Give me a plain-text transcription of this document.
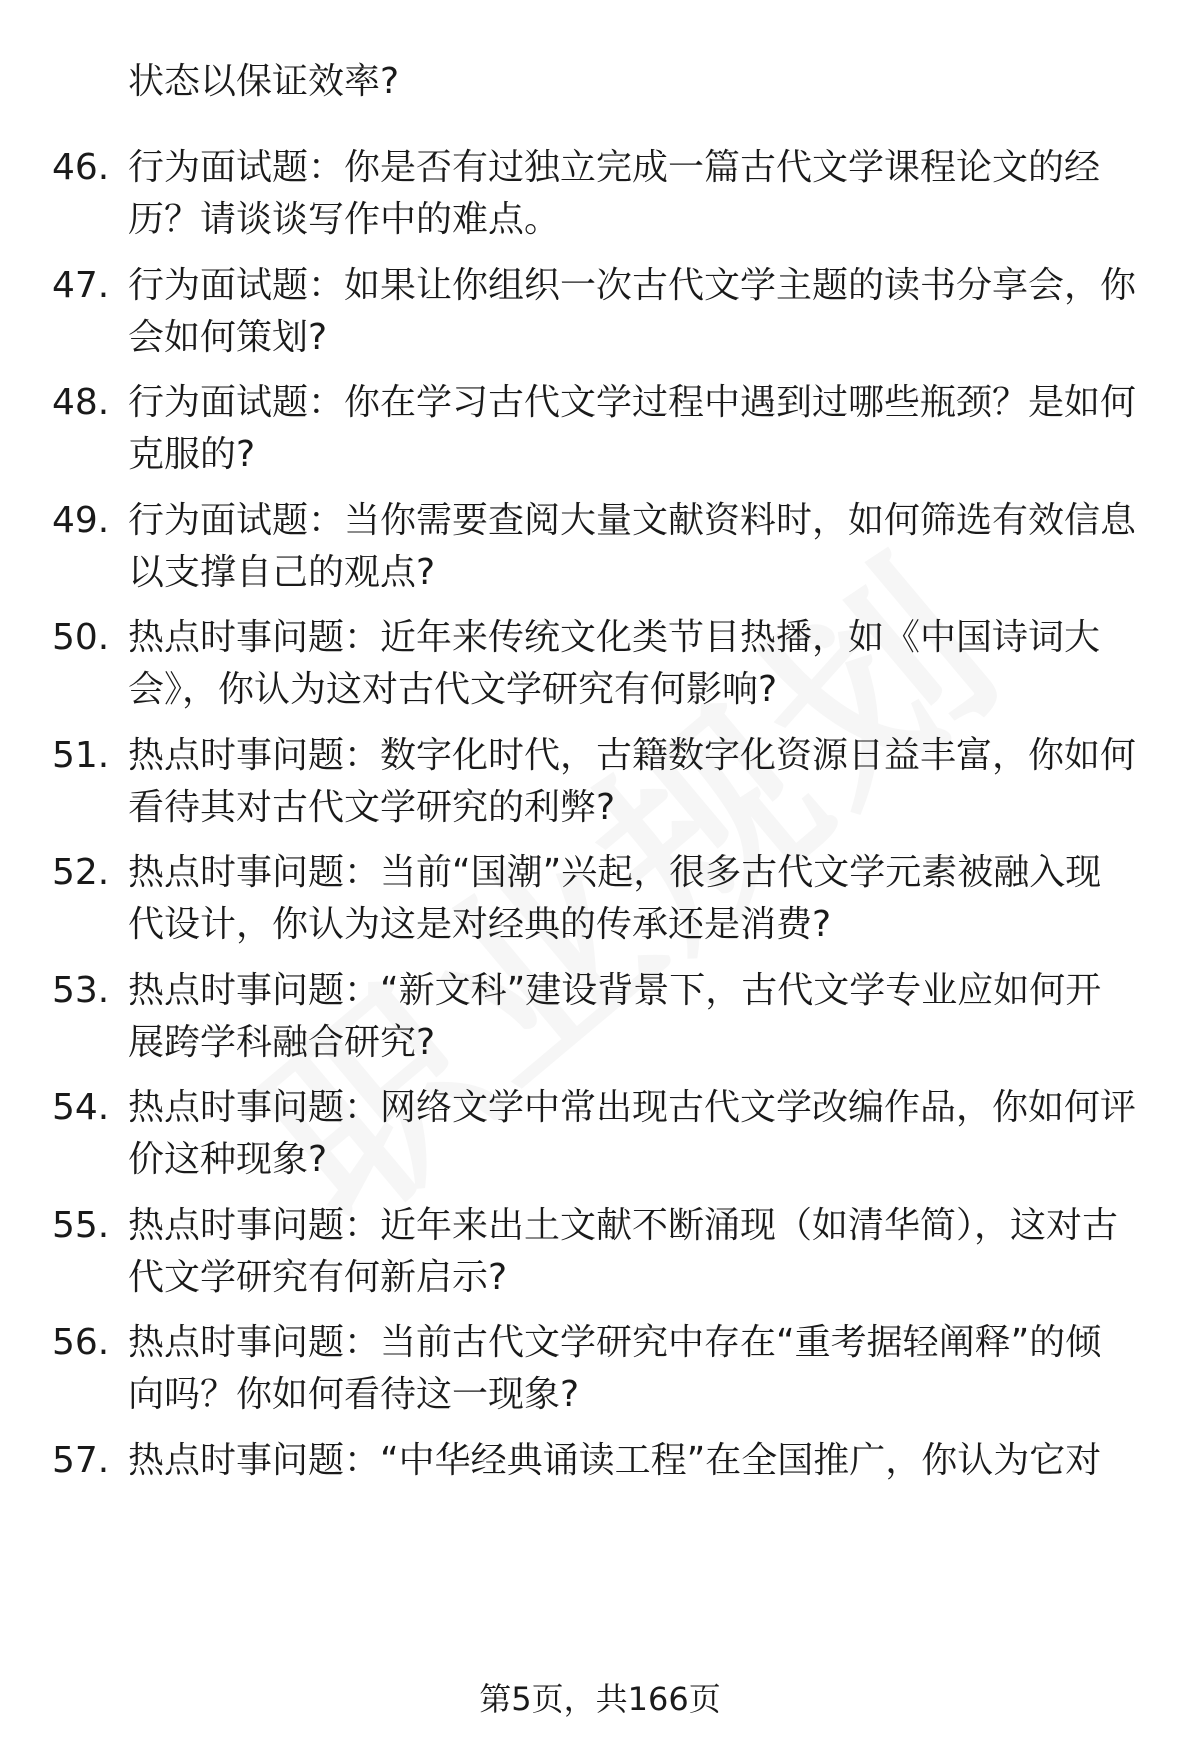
状态以保证效率?
46. 行为面试题：你是否有过独立完成一篇古代文学课程论文的经
历？请谈谈写作中的难点。
47. 行为面试题：如果让你组织一次古代文学主题的读书分享会，你
会如何策划?
48. 行为面试题：你在学习古代文学过程中遇到过哪些瓶颈？是如何
克服的?
49. 行为面试题：当你需要查阅大量文献资料时，如何筛选有效信息
以支撑自己的观点?
50. 热点时事问题：近年来传统文化类节目热播，如《中国诗词大
会》，你认为这对古代文学研究有何影响?
51. 热点时事问题：数字化时代，古籍数字化资源日益丰富，你如何
看待其对古代文学研究的利弊?
52. 热点时事问题：当前“国潮”兴起，很多古代文学元素被融入现
代设计，你认为这是对经典的传承还是消费?
53. 热点时事问题：“新文科”建设背景下，古代文学专业应如何开
展跨学科融合研究?
54. 热点时事问题：网络文学中常出现古代文学改编作品，你如何评
价这种现象?
55. 热点时事问题：近年来出土文献不断涌现（如清华简），这对古
代文学研究有何新启示?
56. 热点时事问题：当前古代文学研究中存在“重考据轻阐释”的倾
向吗？你如何看待这一现象?
57. 热点时事问题：“中华经典诵读工程”在全国推广，你认为它对
第5页，共166页
